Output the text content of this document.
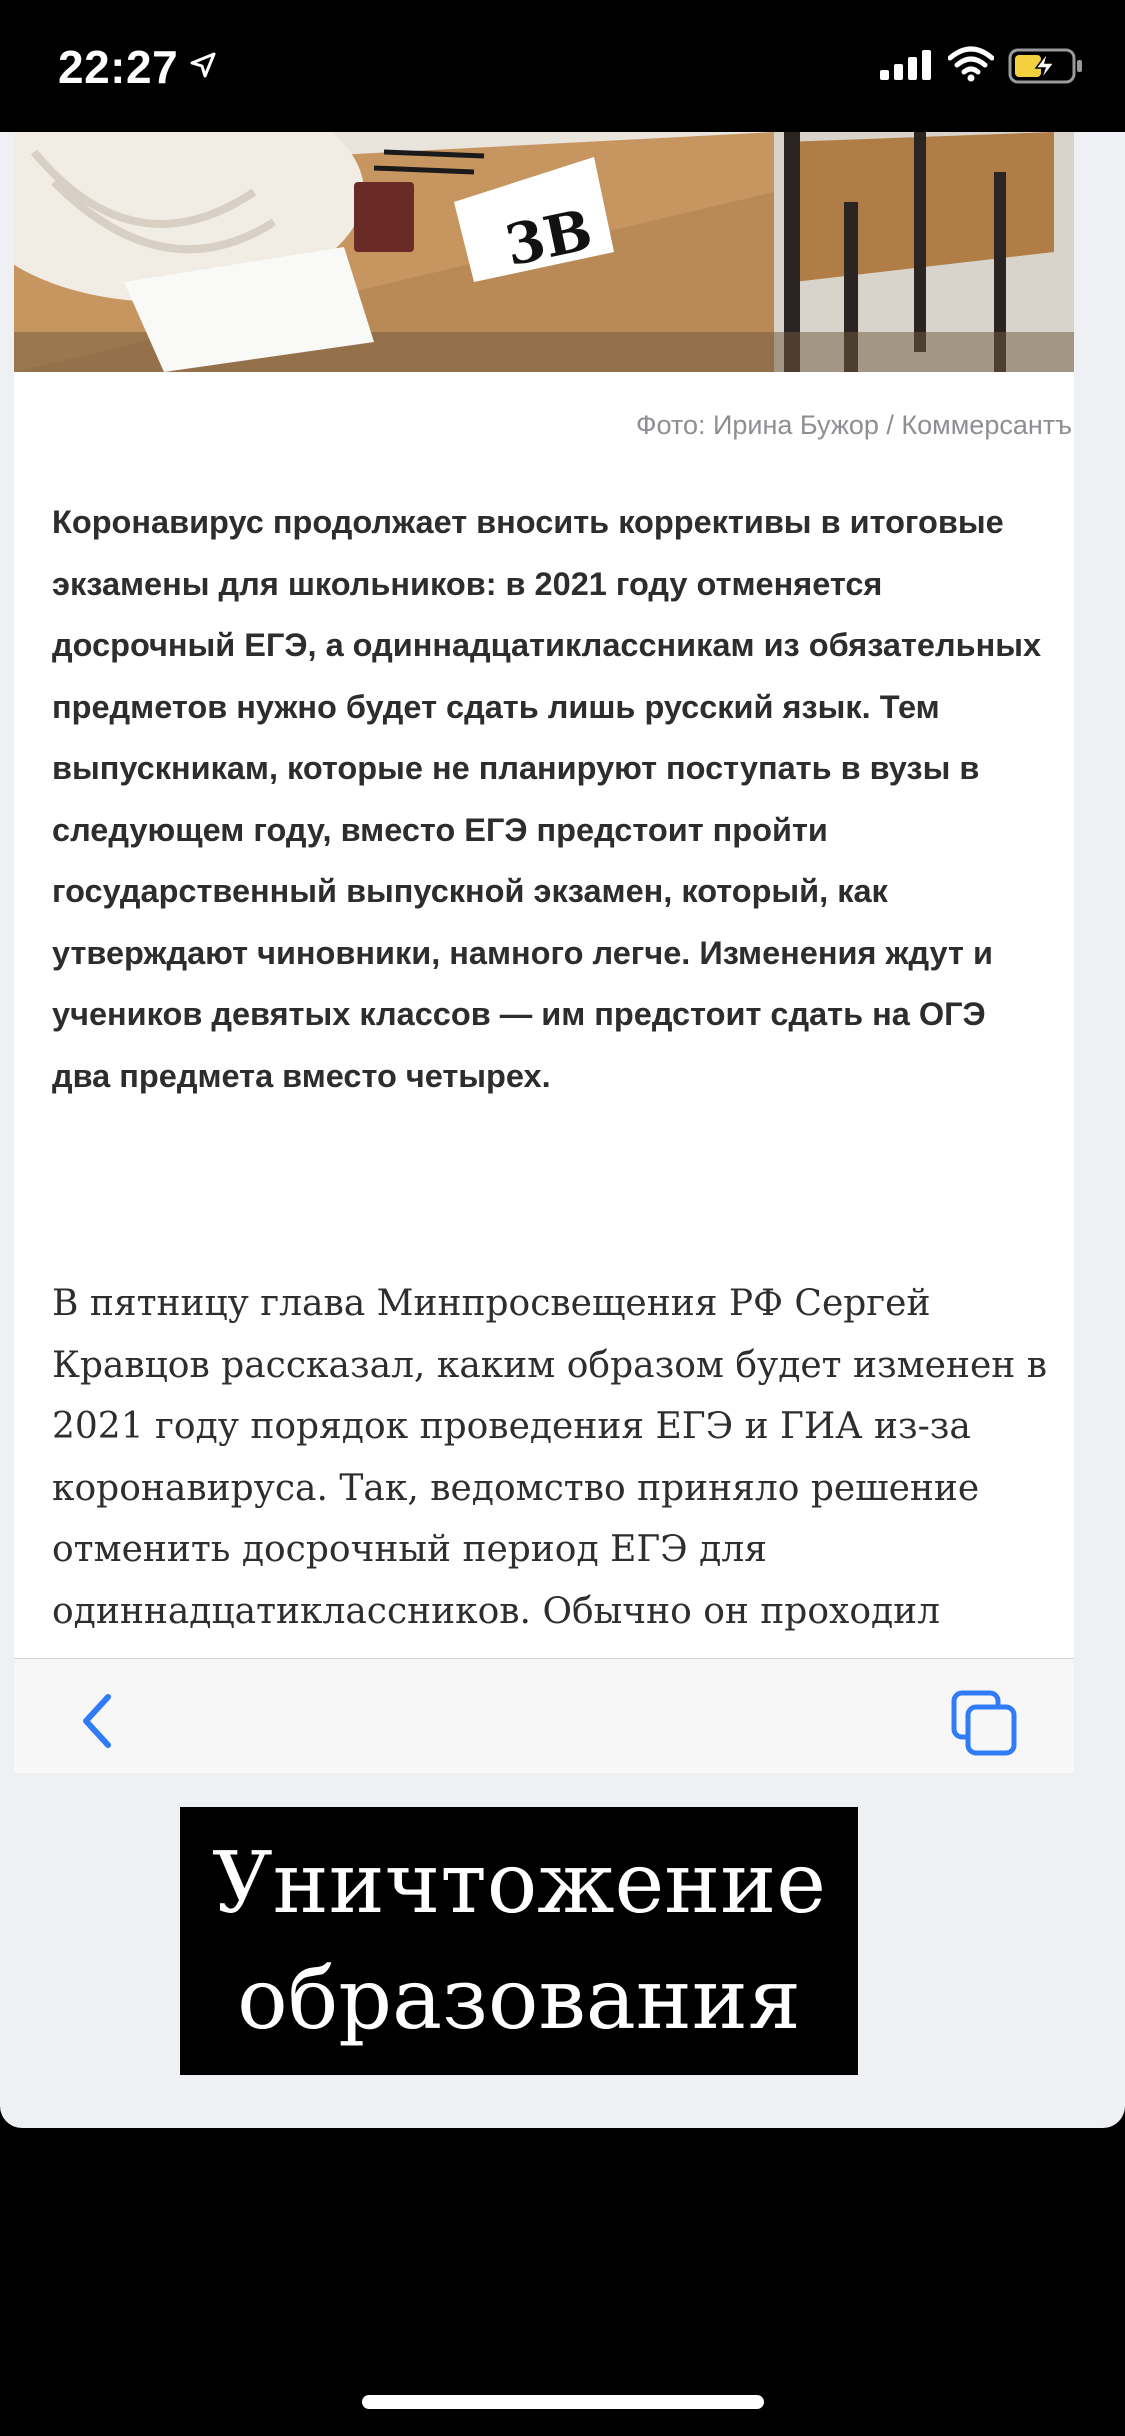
22:27
3В
Фото: Ирина Бужор / Коммерсантъ

Коронавирус продолжает вносить коррективы в итоговые экзамены для школьников: в 2021 году отменяется досрочный ЕГЭ, а одиннадцатиклассникам из обязательных предметов нужно будет сдать лишь русский язык. Тем выпускникам, которые не планируют поступать в вузы в следующем году, вместо ЕГЭ предстоит пройти государственный выпускной экзамен, который, как утверждают чиновники, намного легче. Изменения ждут и учеников девятых классов — им предстоит сдать на ОГЭ два предмета вместо четырех.

В пятницу глава Минпросвещения РФ Сергей Кравцов рассказал, каким образом будет изменен в 2021 году порядок проведения ЕГЭ и ГИА из-за коронавируса. Так, ведомство приняло решение отменить досрочный период ЕГЭ для одиннадцатиклассников. Обычно он проходил

Уничтожение
образования
